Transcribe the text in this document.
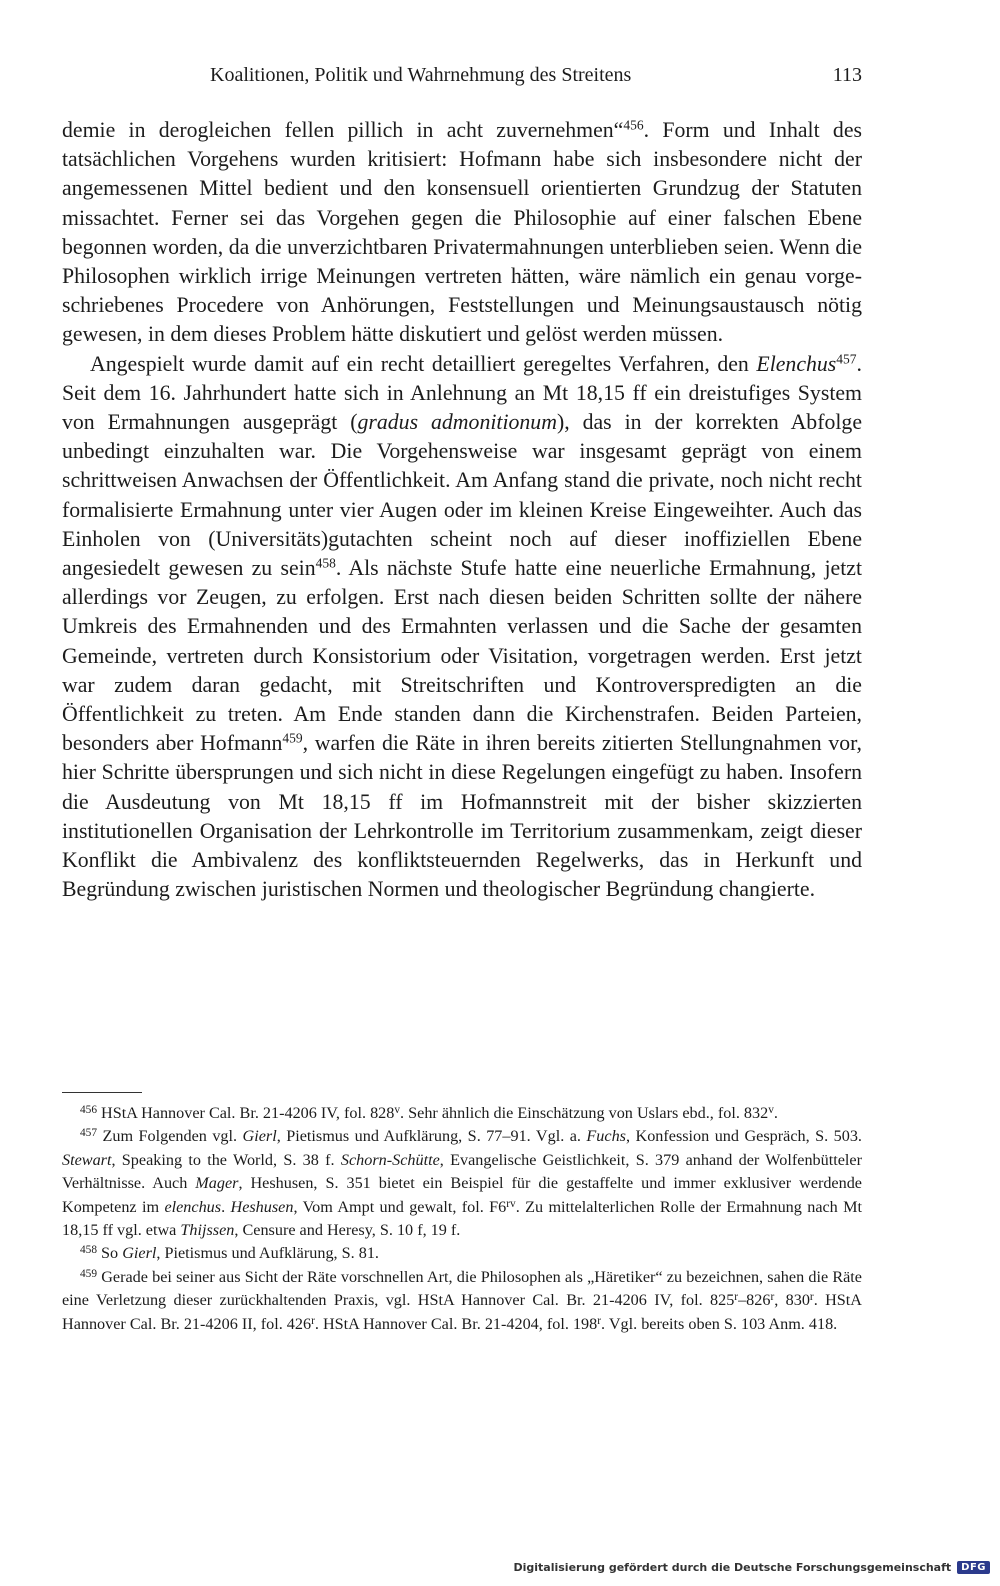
Koalitionen, Politik und Wahrnehmung des Streitens	113

demie in derogleichen fellen pillich in acht zuvernehmen“$^{456}$. Form und Inhalt des tatsächlichen Vorgehens wurden kritisiert: Hofmann habe sich insbesondere nicht der angemessenen Mittel bedient und den konsensuell orientierten Grundzug der Statuten missachtet. Ferner sei das Vorgehen gegen die Philosophie auf einer falschen Ebene begonnen worden, da die unverzichtbaren Privatermahnungen unterblieben seien. Wenn die Philosophen wirklich irrige Meinungen vertreten hätten, wäre nämlich ein genau vorgeschriebenes Procedere von Anhörungen, Feststellungen und Meinungsaustausch nötig gewesen, in dem dieses Problem hätte diskutiert und gelöst werden müssen.

Angespielt wurde damit auf ein recht detailliert geregeltes Verfahren, den Elenchus$^{457}$. Seit dem 16. Jahrhundert hatte sich in Anlehnung an Mt 18,15 ff ein dreistufiges System von Ermahnungen ausgeprägt (gradus admonitionum), das in der korrekten Abfolge unbedingt einzuhalten war. Die Vorgehensweise war insgesamt geprägt von einem schrittweisen Anwachsen der Öffentlichkeit. Am Anfang stand die private, noch nicht recht formalisierte Ermahnung unter vier Augen oder im kleinen Kreise Eingeweihter. Auch das Einholen von (Universitäts)gutachten scheint noch auf dieser inoffiziellen Ebene angesiedelt gewesen zu sein$^{458}$. Als nächste Stufe hatte eine neuerliche Ermahnung, jetzt allerdings vor Zeugen, zu erfolgen. Erst nach diesen beiden Schritten sollte der nähere Umkreis des Ermahnenden und des Ermahnten verlassen und die Sache der gesamten Gemeinde, vertreten durch Konsistorium oder Visitation, vorgetragen werden. Erst jetzt war zudem daran gedacht, mit Streitschriften und Kontroverspredigten an die Öffentlichkeit zu treten. Am Ende standen dann die Kirchenstrafen. Beiden Parteien, besonders aber Hofmann$^{459}$, warfen die Räte in ihren bereits zitierten Stellungnahmen vor, hier Schritte übersprungen und sich nicht in diese Regelungen eingefügt zu haben. Insofern die Ausdeutung von Mt 18,15 ff im Hofmannstreit mit der bisher skizzierten institutionellen Organisation der Lehrkontrolle im Territorium zusammenkam, zeigt dieser Konflikt die Ambivalenz des konfliktsteuernden Regelwerks, das in Herkunft und Begründung zwischen juristischen Normen und theologischer Begründung changierte.

$^{456}$ HStA Hannover Cal. Br. 21-4206 IV, fol. 828$^v$. Sehr ähnlich die Einschätzung von Uslars ebd., fol. 832$^v$.

$^{457}$ Zum Folgenden vgl. Gierl, Pietismus und Aufklärung, S. 77–91. Vgl. a. Fuchs, Konfession und Gespräch, S. 503. Stewart, Speaking to the World, S. 38 f. Schorn-Schütte, Evangelische Geistlichkeit, S. 379 anhand der Wolfenbütteler Verhältnisse. Auch Mager, Heshusen, S. 351 bietet ein Beispiel für die gestaffelte und immer exklusiver werdende Kompetenz im elenchus. Heshusen, Vom Ampt und gewalt, fol. $F6^{rv}$. Zu mittelalterlichen Rolle der Ermahnung nach Mt 18,15 ff vgl. etwa Thijssen, Censure and Heresy, S. 10 f, 19 f.

$^{458}$ So Gierl, Pietismus und Aufklärung, S. 81.

$^{459}$ Gerade bei seiner aus Sicht der Räte vorschnellen Art, die Philosophen als „Häretiker“ zu bezeichnen, sahen die Räte eine Verletzung dieser zurückhaltenden Praxis, vgl. HStA Hannover Cal. Br. 21-4206 IV, fol. 825$^r$–826$^r$, 830$^r$. HStA Hannover Cal. Br. 21-4206 II, fol. 426$^r$. HStA Hannover Cal. Br. 21-4204, fol. 198$^r$. Vgl. bereits oben S. 103 Anm. 418.

Digitalisierung gefördert durch die Deutsche Forschungsgemeinschaft	DFG
